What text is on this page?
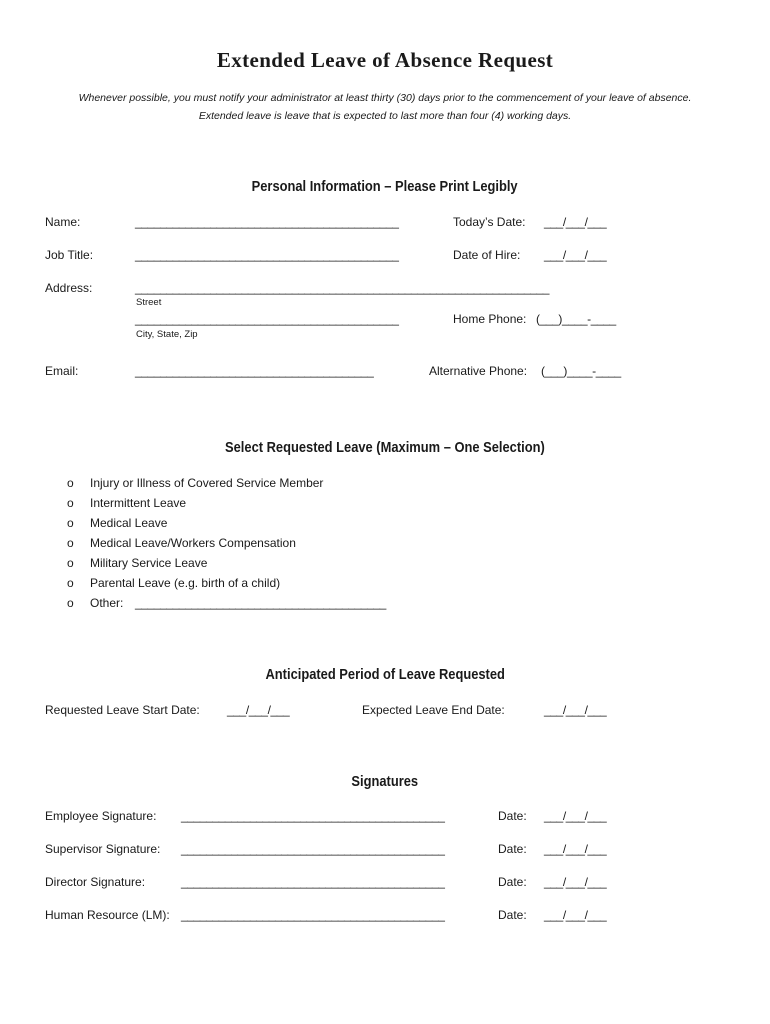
Extended Leave of Absence Request
Whenever possible, you must notify your administrator at least thirty (30) days prior to the commencement of your leave of absence.
Extended leave is leave that is expected to last more than four (4) working days.
Personal Information – Please Print Legibly
Name:	__________________________________________	Today’s Date: ___/___/___
Job Title:	__________________________________________	Date of Hire: ___/___/___
Address:	__________________________________________________________________
Street
__________________________________________	Home Phone: (___)____-____
City, State, Zip
Email:	______________________________________	Alternative Phone: (___)____-____
Select Requested Leave (Maximum – One Selection)
o Injury or Illness of Covered Service Member
o Intermittent Leave
o Medical Leave
o Medical Leave/Workers Compensation
o Military Service Leave
o Parental Leave (e.g. birth of a child)
o Other: ________________________________________
Anticipated Period of Leave Requested
Requested Leave Start Date: ___/___/___	Expected Leave End Date:	___/___/___
Signatures
Employee Signature: __________________________________________	Date: ___/___/___
Supervisor Signature: __________________________________________	Date: ___/___/___
Director Signature:	__________________________________________	Date: ___/___/___
Human Resource (LM): __________________________________________	Date: ___/___/___
